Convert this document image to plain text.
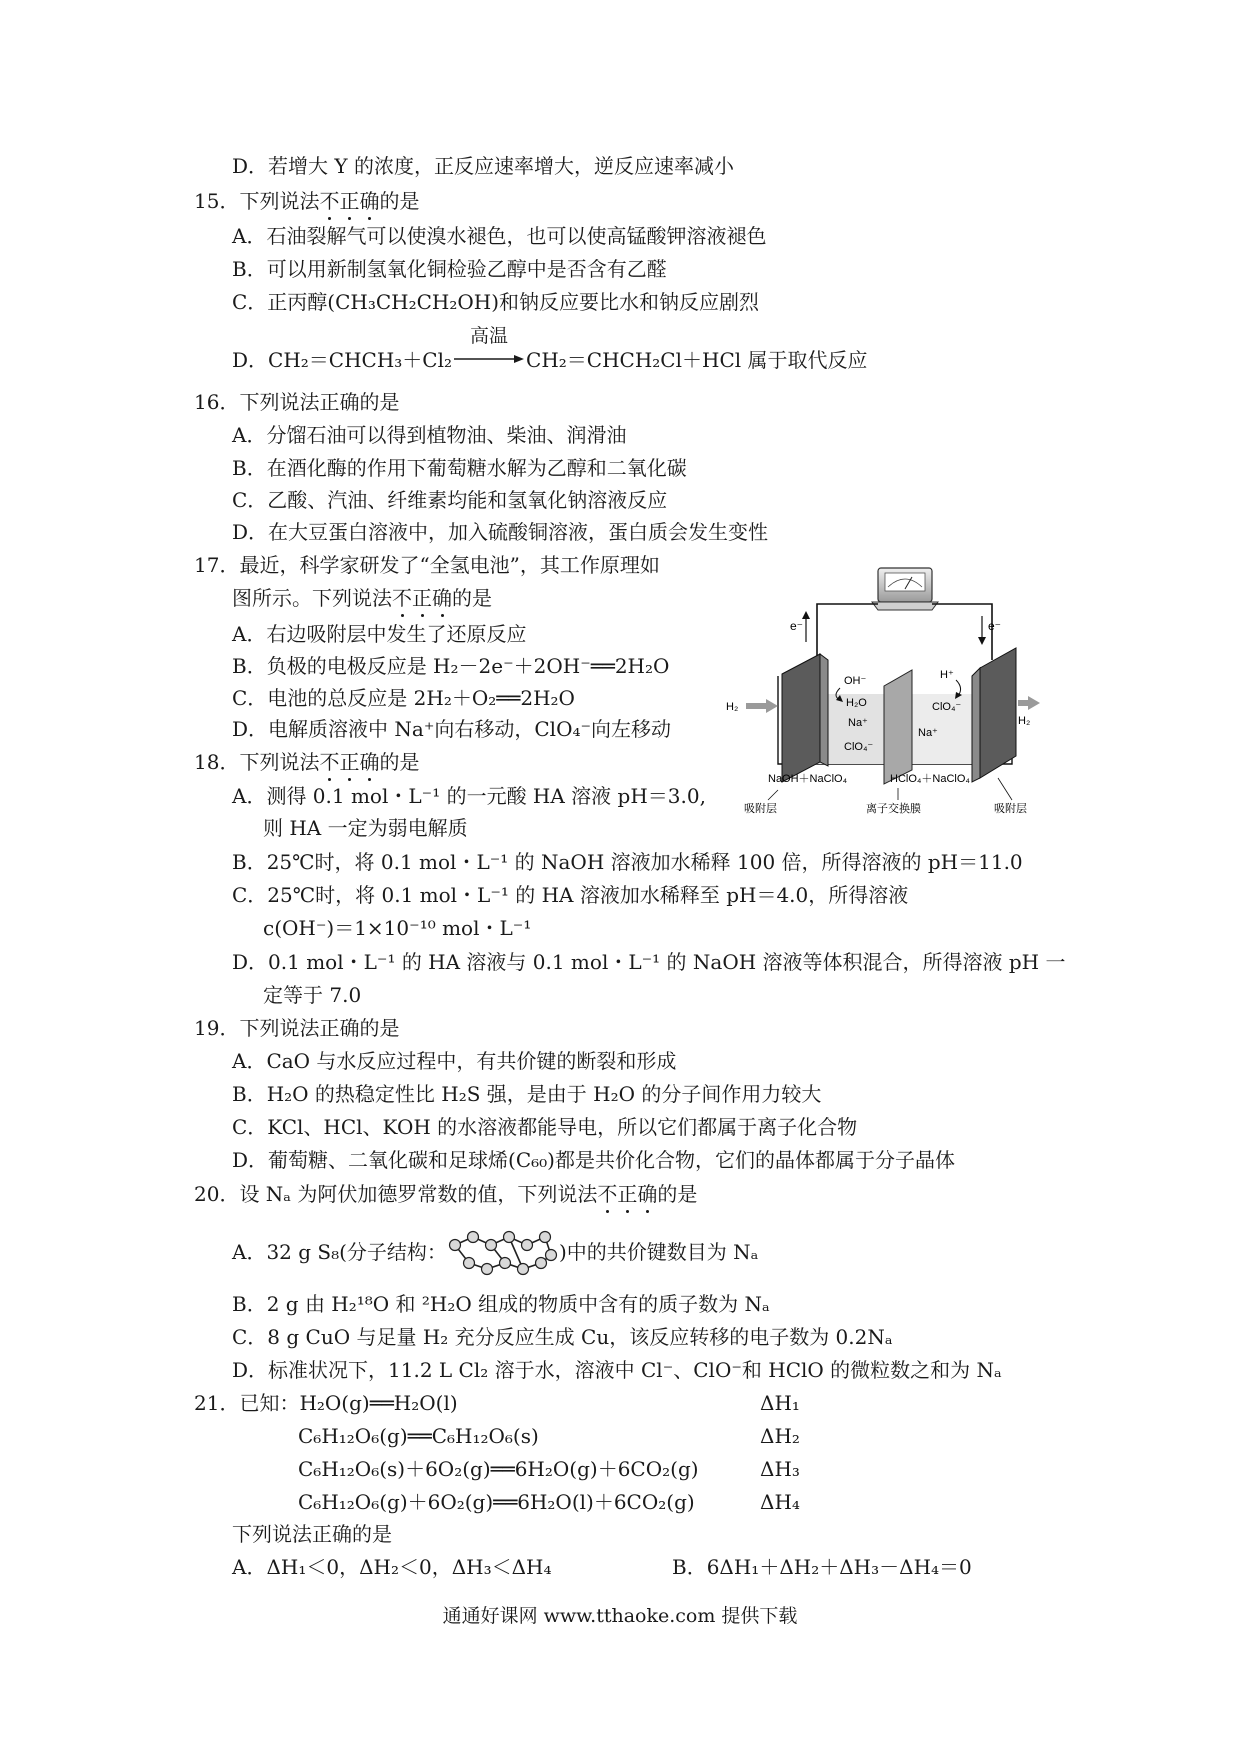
D．若增大 Y 的浓度，正反应速率增大，逆反应速率减小
15．下列说法不正确的是
A．石油裂解气可以使溴水褪色，也可以使高锰酸钾溶液褪色
B．可以用新制氢氧化铜检验乙醇中是否含有乙醛
C．正丙醇(CH₃CH₂CH₂OH)和钠反应要比水和钠反应剧烈
D．CH₂＝CHCH₃＋Cl₂
高温
CH₂＝CHCH₂Cl＋HCl 属于取代反应
16．下列说法正确的是
A．分馏石油可以得到植物油、柴油、润滑油
B．在酒化酶的作用下葡萄糖水解为乙醇和二氧化碳
C．乙酸、汽油、纤维素均能和氢氧化钠溶液反应
D．在大豆蛋白溶液中，加入硫酸铜溶液，蛋白质会发生变性
17．最近，科学家研发了“全氢电池”，其工作原理如
图所示。下列说法不正确的是
A．右边吸附层中发生了还原反应
B．负极的电极反应是 H₂－2e⁻＋2OH⁻══2H₂O
C．电池的总反应是 2H₂＋O₂══2H₂O
D．电解质溶液中 Na⁺向右移动，ClO₄⁻向左移动
e⁻	e⁻
OH⁻
H₂O
Na⁺
ClO₄⁻
H⁺
ClO₄⁻
Na⁺
H₂
H₂
NaOH＋NaClO₄	HClO₄＋NaClO₄
吸附层	离子交换膜	吸附层
18．下列说法不正确的是
A．测得 0.1 mol・L⁻¹ 的一元酸 HA 溶液 pH＝3.0,
则 HA 一定为弱电解质
B．25℃时，将 0.1 mol・L⁻¹ 的 NaOH 溶液加水稀释 100 倍，所得溶液的 pH＝11.0
C．25℃时，将 0.1 mol・L⁻¹ 的 HA 溶液加水稀释至 pH＝4.0，所得溶液
c(OH⁻)＝1×10⁻¹⁰ mol・L⁻¹
D．0.1 mol・L⁻¹ 的 HA 溶液与 0.1 mol・L⁻¹ 的 NaOH 溶液等体积混合，所得溶液 pH 一
定等于 7.0
19．下列说法正确的是
A．CaO 与水反应过程中，有共价键的断裂和形成
B．H₂O 的热稳定性比 H₂S 强，是由于 H₂O 的分子间作用力较大
C．KCl、HCl、KOH 的水溶液都能导电，所以它们都属于离子化合物
D．葡萄糖、二氧化碳和足球烯(C₆₀)都是共价化合物，它们的晶体都属于分子晶体
20．设 Nₐ 为阿伏加德罗常数的值，下列说法不正确的是
A．32 g S₈(分子结构：	)中的共价键数目为 Nₐ
B．2 g 由 H₂¹⁸O 和 ²H₂O 组成的物质中含有的质子数为 Nₐ
C．8 g CuO 与足量 H₂ 充分反应生成 Cu，该反应转移的电子数为 0.2Nₐ
D．标准状况下，11.2 L Cl₂ 溶于水，溶液中 Cl⁻、ClO⁻和 HClO 的微粒数之和为 Nₐ
21．已知：H₂O(g)══H₂O(l)	ΔH₁
C₆H₁₂O₆(g)══C₆H₁₂O₆(s)	ΔH₂
C₆H₁₂O₆(s)＋6O₂(g)══6H₂O(g)＋6CO₂(g)	ΔH₃
C₆H₁₂O₆(g)＋6O₂(g)══6H₂O(l)＋6CO₂(g)	ΔH₄
下列说法正确的是
A．ΔH₁＜0，ΔH₂＜0，ΔH₃＜ΔH₄	B．6ΔH₁＋ΔH₂＋ΔH₃－ΔH₄＝0
通通好课网 www.tthaoke.com 提供下载
